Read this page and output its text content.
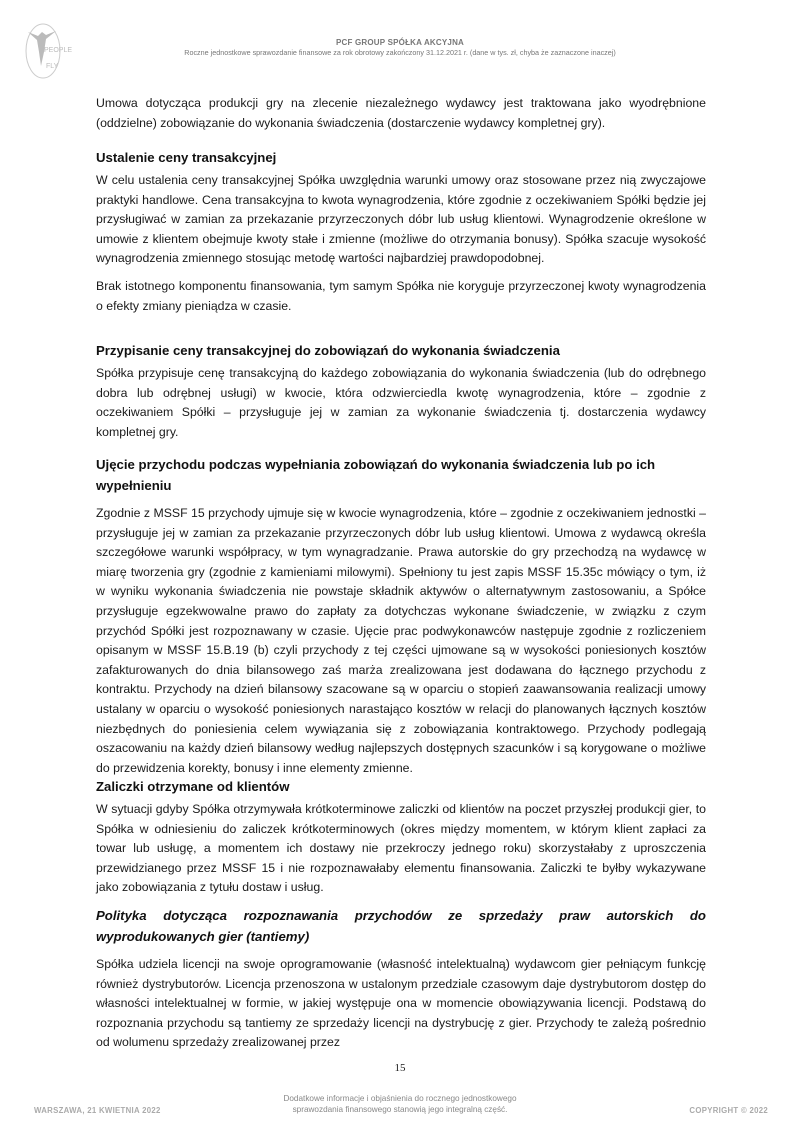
PEOPLE
FLY
PCF GROUP SPÓŁKA AKCYJNA
Roczne jednostkowe sprawozdanie finansowe za rok obrotowy zakończony 31.12.2021 r. (dane w tys. zł, chyba że zaznaczone inaczej)

Umowa dotycząca produkcji gry na zlecenie niezależnego wydawcy jest traktowana jako wyodrębnione (oddzielne) zobowiązanie do wykonania świadczenia (dostarczenie wydawcy kompletnej gry).

Ustalenie ceny transakcyjnej

W celu ustalenia ceny transakcyjnej Spółka uwzględnia warunki umowy oraz stosowane przez nią zwyczajowe praktyki handlowe. Cena transakcyjna to kwota wynagrodzenia, które zgodnie z oczekiwaniem Spółki będzie jej przysługiwać w zamian za przekazanie przyrzeczonych dóbr lub usług klientowi. Wynagrodzenie określone w umowie z klientem obejmuje kwoty stałe i zmienne (możliwe do otrzymania bonusy). Spółka szacuje wysokość wynagrodzenia zmiennego stosując metodę wartości najbardziej prawdopodobnej.

Brak istotnego komponentu finansowania, tym samym Spółka nie koryguje przyrzeczonej kwoty wynagrodzenia o efekty zmiany pieniądza w czasie.

Przypisanie ceny transakcyjnej do zobowiązań do wykonania świadczenia

Spółka przypisuje cenę transakcyjną do każdego zobowiązania do wykonania świadczenia (lub do odrębnego dobra lub odrębnej usługi) w kwocie, która odzwierciedla kwotę wynagrodzenia, które – zgodnie z oczekiwaniem Spółki – przysługuje jej w zamian za wykonanie świadczenia tj. dostarczenia wydawcy kompletnej gry.

Ujęcie przychodu podczas wypełniania zobowiązań do wykonania świadczenia lub po ich wypełnieniu

Zgodnie z MSSF 15 przychody ujmuje się w kwocie wynagrodzenia, które – zgodnie z oczekiwaniem jednostki – przysługuje jej w zamian za przekazanie przyrzeczonych dóbr lub usług klientowi. Umowa z wydawcą określa szczegółowe warunki współpracy, w tym wynagradzanie. Prawa autorskie do gry przechodzą na wydawcę w miarę tworzenia gry (zgodnie z kamieniami milowymi). Spełniony tu jest zapis MSSF 15.35c mówiący o tym, iż w wyniku wykonania świadczenia nie powstaje składnik aktywów o alternatywnym zastosowaniu, a Spółce przysługuje egzekwowalne prawo do zapłaty za dotychczas wykonane świadczenie, w związku z czym przychód Spółki jest rozpoznawany w czasie. Ujęcie prac podwykonawców następuje zgodnie z rozliczeniem opisanym w MSSF 15.B.19 (b) czyli przychody z tej części ujmowane są w wysokości poniesionych kosztów zafakturowanych do dnia bilansowego zaś marża zrealizowana jest dodawana do łącznego przychodu z kontraktu. Przychody na dzień bilansowy szacowane są w oparciu o stopień zaawansowania realizacji umowy ustalany w oparciu o wysokość poniesionych narastająco kosztów w relacji do planowanych łącznych kosztów niezbędnych do poniesienia celem wywiązania się z zobowiązania kontraktowego. Przychody podlegają oszacowaniu na każdy dzień bilansowy według najlepszych dostępnych szacunków i są korygowane o możliwe do przewidzenia korekty, bonusy i inne elementy zmienne.

Zaliczki otrzymane od klientów

W sytuacji gdyby Spółka otrzymywała krótkoterminowe zaliczki od klientów na poczet przyszłej produkcji gier, to Spółka w odniesieniu do zaliczek krótkoterminowych (okres między momentem, w którym klient zapłaci za towar lub usługę, a momentem ich dostawy nie przekroczy jednego roku) skorzystałaby z uproszczenia przewidzianego przez MSSF 15 i nie rozpoznawałaby elementu finansowania. Zaliczki te byłby wykazywane jako zobowiązania z tytułu dostaw i usług.

Polityka dotycząca rozpoznawania przychodów ze sprzedaży praw autorskich do wyprodukowanych gier (tantiemy)

Spółka udziela licencji na swoje oprogramowanie (własność intelektualną) wydawcom gier pełniącym funkcję również dystrybutorów. Licencja przenoszona w ustalonym przedziale czasowym daje dystrybutorom dostęp do własności intelektualnej w formie, w jakiej występuje ona w momencie obowiązywania licencji. Podstawą do rozpoznania przychodu są tantiemy ze sprzedaży licencji na dystrybucję z gier. Przychody te zależą pośrednio od wolumenu sprzedaży zrealizowanej przez

15
WARSZAWA, 21 KWIETNIA 2022
Dodatkowe informacje i objaśnienia do rocznego jednostkowego
sprawozdania finansowego stanowią jego integralną część.	COPYRIGHT © 2022
